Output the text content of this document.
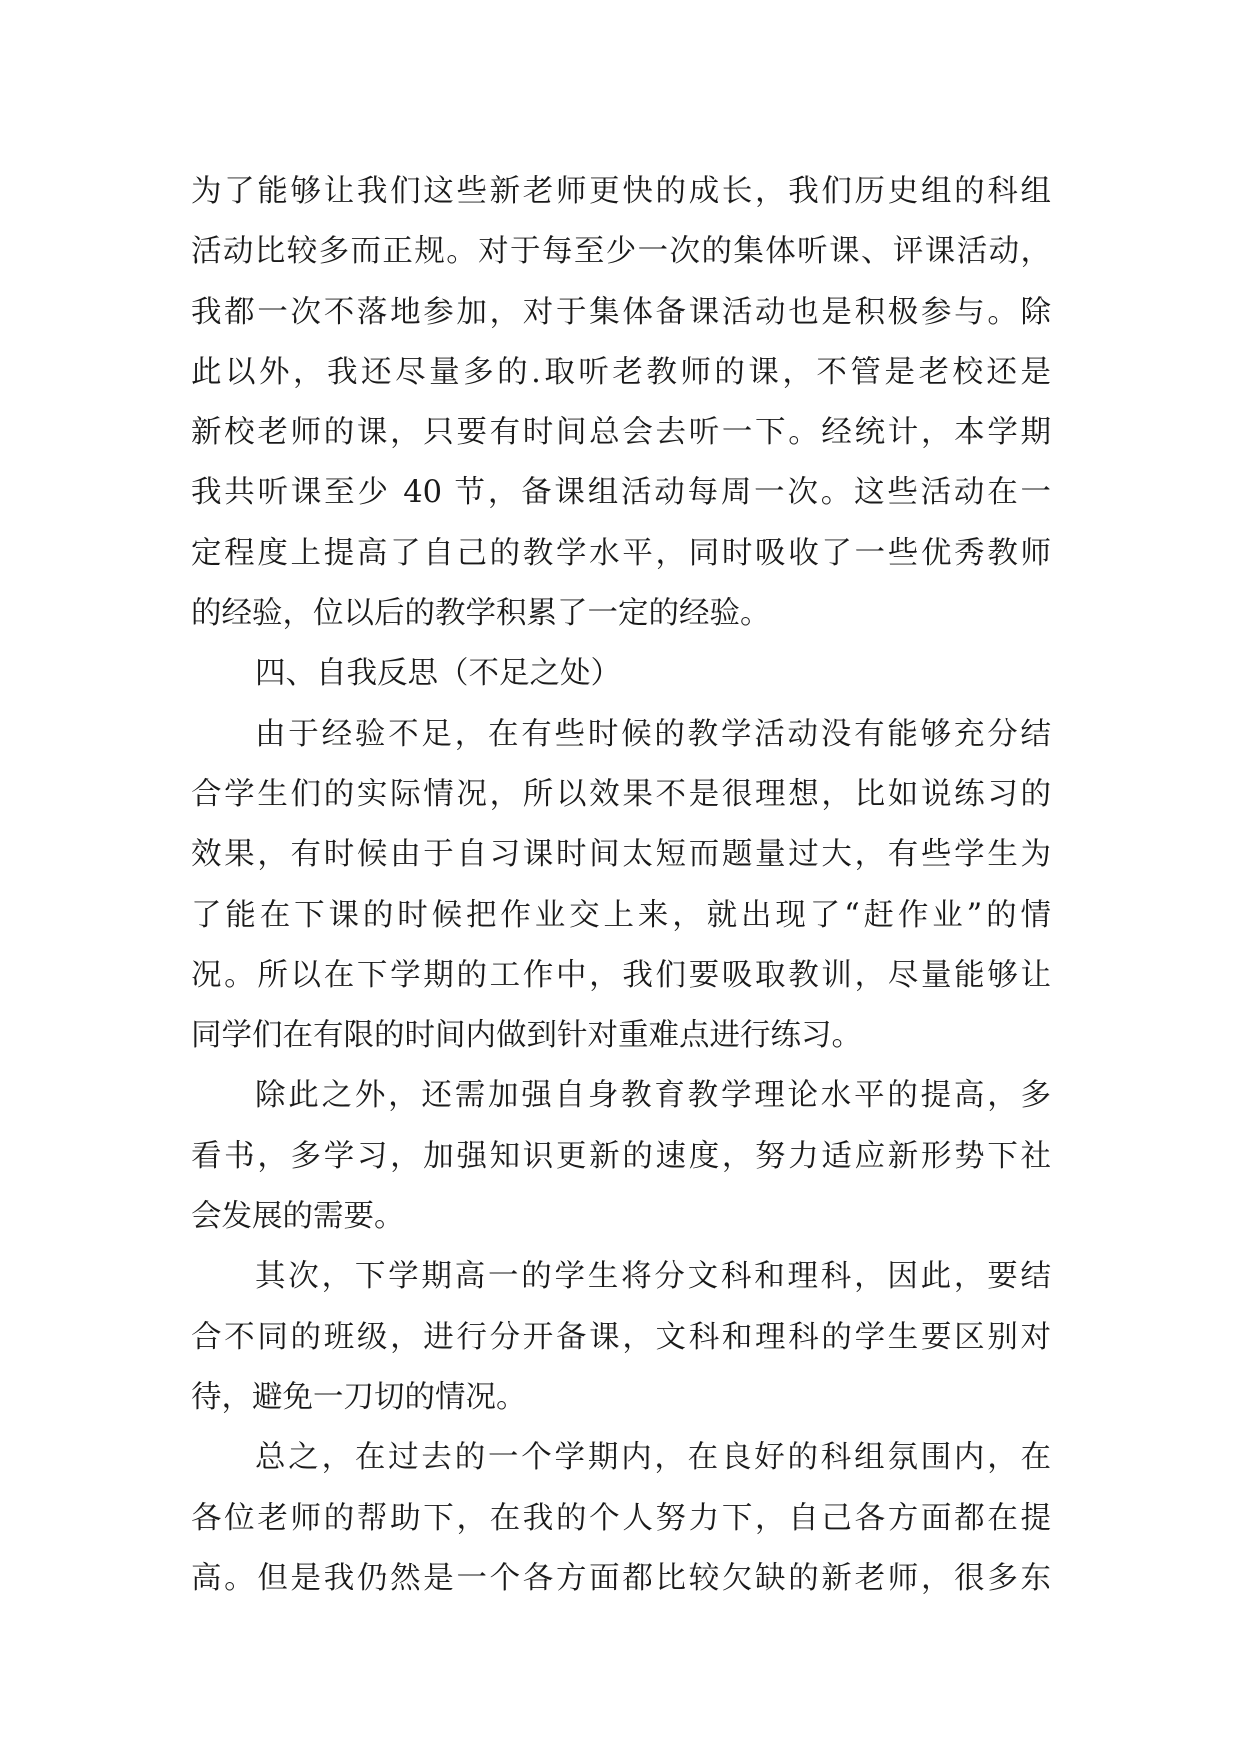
为了能够让我们这些新老师更快的成长，我们历史组的科组
活动比较多而正规。对于每至少一次的集体听课、评课活动，
我都一次不落地参加，对于集体备课活动也是积极参与。除
此以外，我还尽量多的.取听老教师的课，不管是老校还是
新校老师的课，只要有时间总会去听一下。经统计，本学期
我共听课至少 40 节，备课组活动每周一次。这些活动在一
定程度上提高了自己的教学水平，同时吸收了一些优秀教师
的经验，位以后的教学积累了一定的经验。
四、自我反思（不足之处）
由于经验不足，在有些时候的教学活动没有能够充分结
合学生们的实际情况，所以效果不是很理想，比如说练习的
效果，有时候由于自习课时间太短而题量过大，有些学生为
了能在下课的时候把作业交上来，就出现了“赶作业”的情
况。所以在下学期的工作中，我们要吸取教训，尽量能够让
同学们在有限的时间内做到针对重难点进行练习。
除此之外，还需加强自身教育教学理论水平的提高，多
看书，多学习，加强知识更新的速度，努力适应新形势下社
会发展的需要。
其次，下学期高一的学生将分文科和理科，因此，要结
合不同的班级，进行分开备课，文科和理科的学生要区别对
待，避免一刀切的情况。
总之，在过去的一个学期内，在良好的科组氛围内，在
各位老师的帮助下，在我的个人努力下，自己各方面都在提
高。但是我仍然是一个各方面都比较欠缺的新老师，很多东
